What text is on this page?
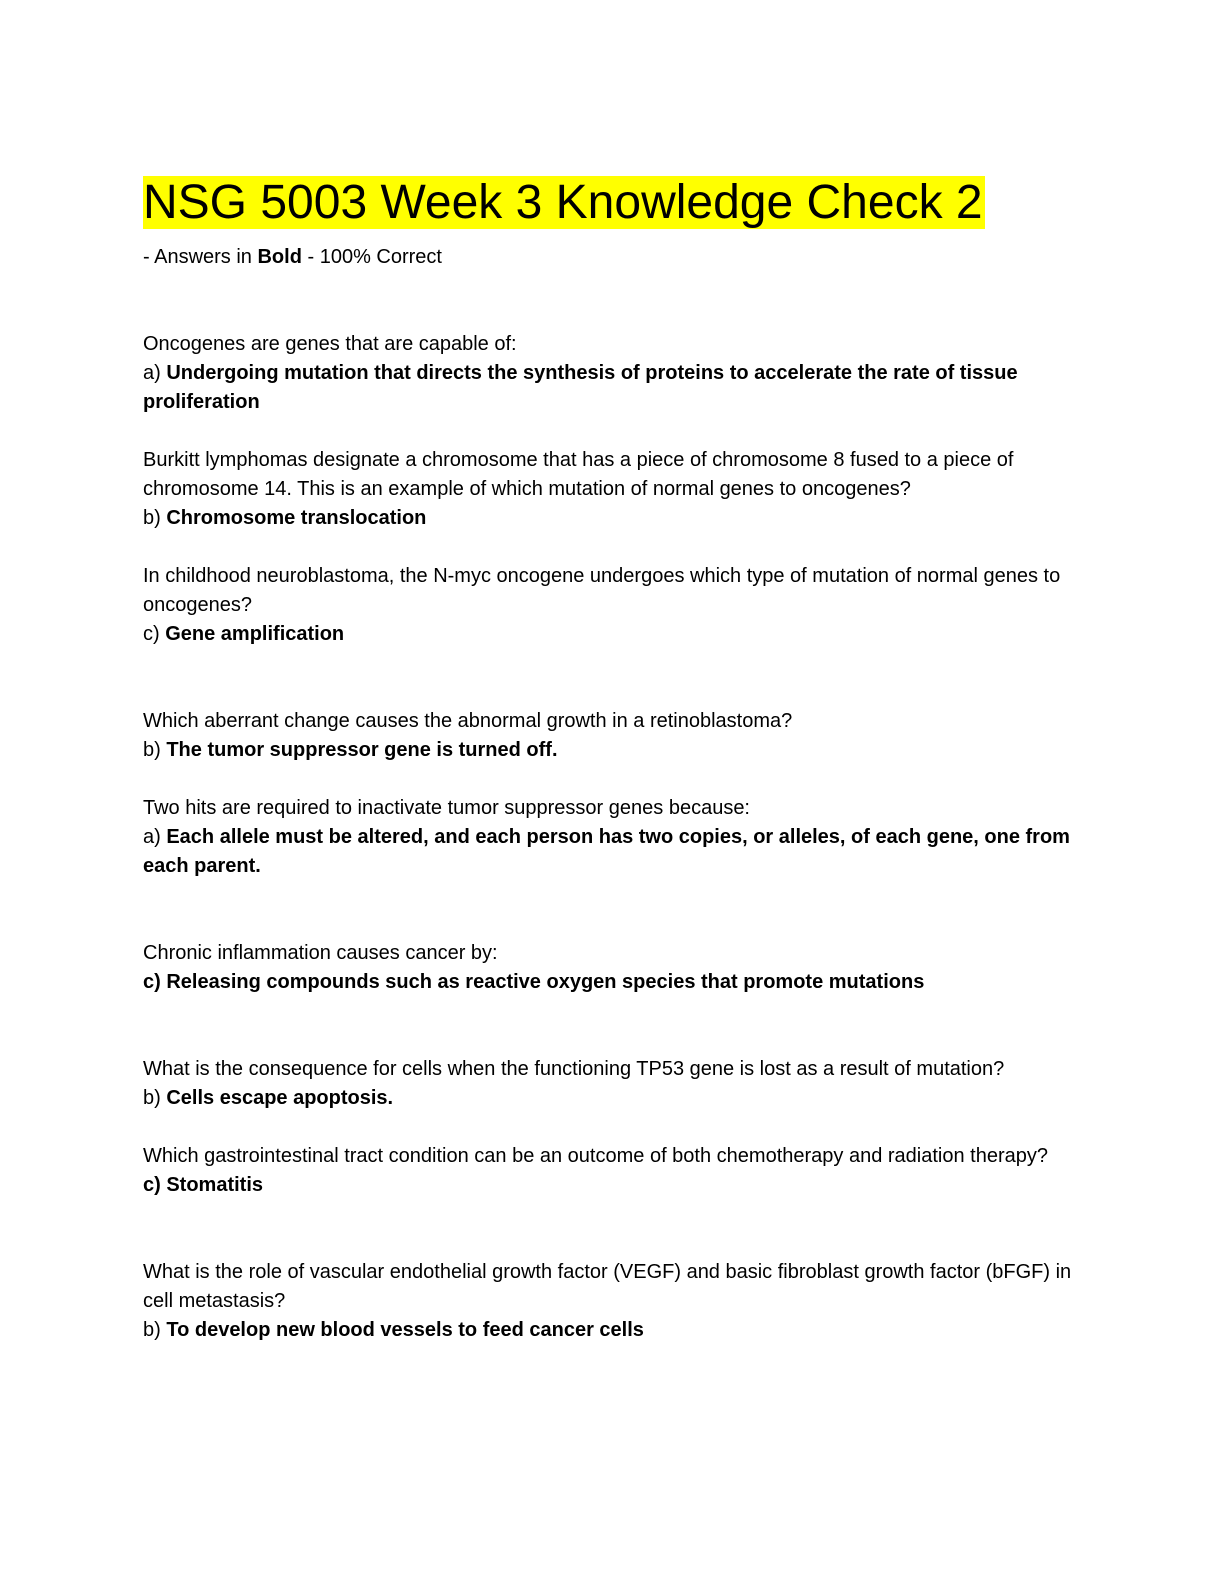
NSG 5003 Week 3 Knowledge Check 2

- Answers in Bold - 100% Correct

Oncogenes are genes that are capable of:

a) Undergoing mutation that directs the synthesis of proteins to accelerate the rate of tissue proliferation

Burkitt lymphomas designate a chromosome that has a piece of chromosome 8 fused to a piece of chromosome 14. This is an example of which mutation of normal genes to oncogenes?

b) Chromosome translocation

In childhood neuroblastoma, the N-myc oncogene undergoes which type of mutation of normal genes to oncogenes?

c) Gene amplification

Which aberrant change causes the abnormal growth in a retinoblastoma?

b) The tumor suppressor gene is turned off.

Two hits are required to inactivate tumor suppressor genes because:

a) Each allele must be altered, and each person has two copies, or alleles, of each gene, one from each parent.

Chronic inflammation causes cancer by:

c) Releasing compounds such as reactive oxygen species that promote mutations

What is the consequence for cells when the functioning TP53 gene is lost as a result of mutation?

b) Cells escape apoptosis.

Which gastrointestinal tract condition can be an outcome of both chemotherapy and radiation therapy?

c) Stomatitis

What is the role of vascular endothelial growth factor (VEGF) and basic fibroblast growth factor (bFGF) in cell metastasis?

b) To develop new blood vessels to feed cancer cells
